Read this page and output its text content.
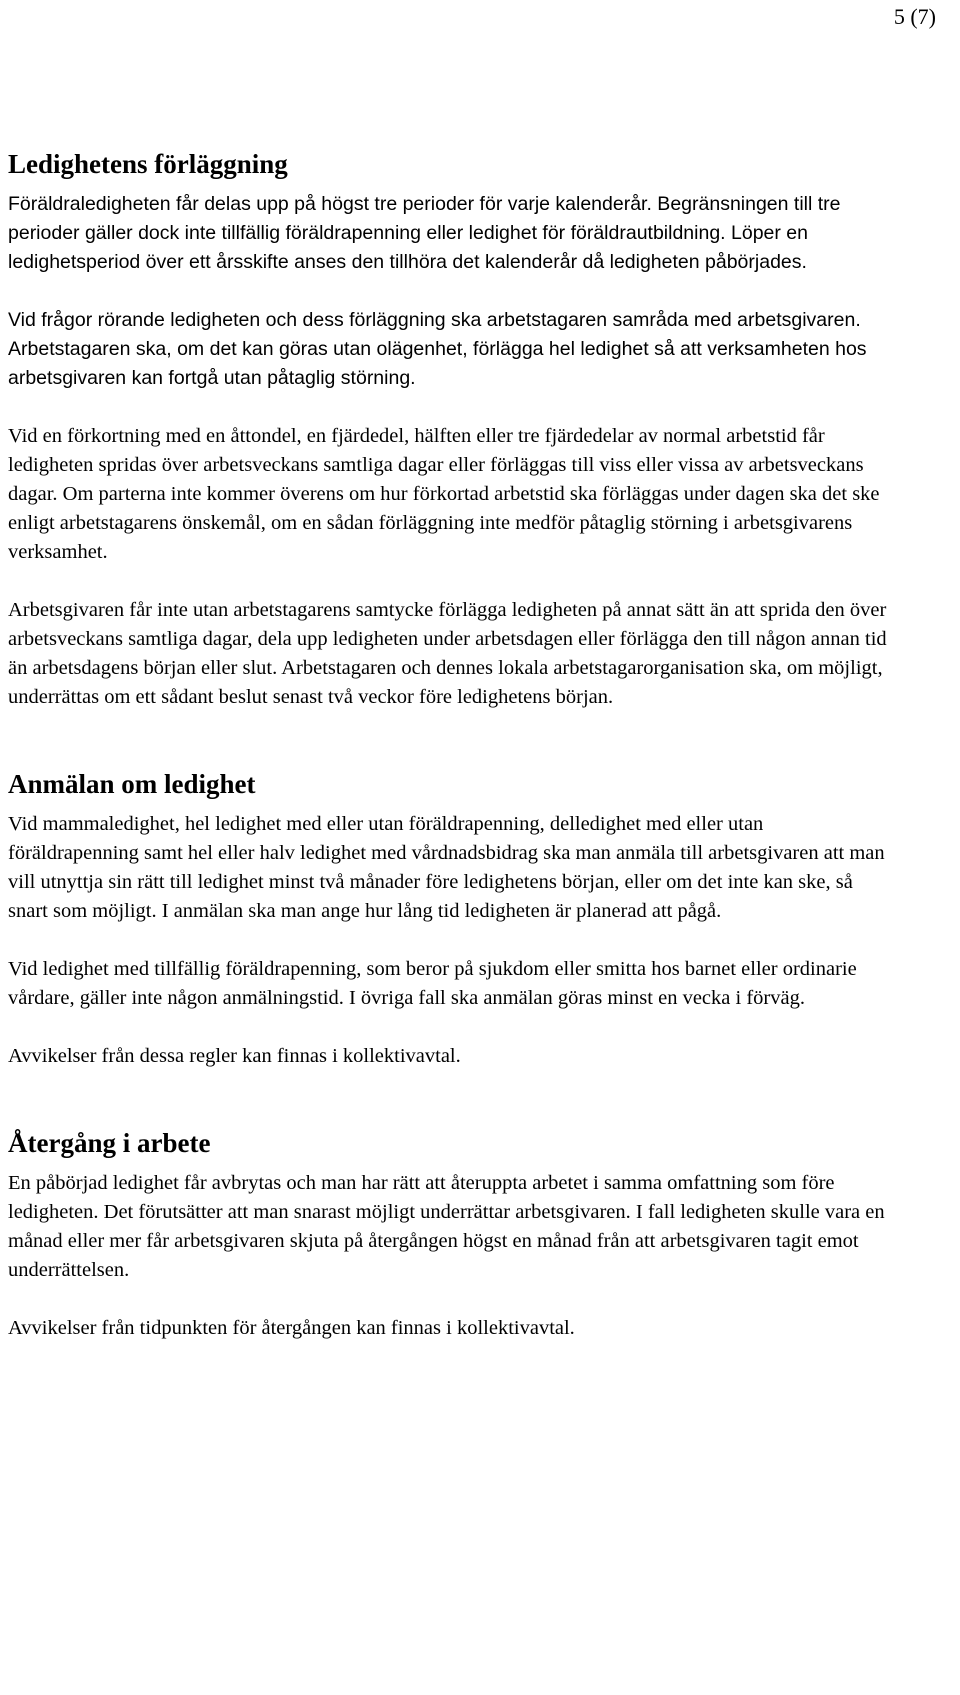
5 (7)
Ledighetens förläggning

Föräldraledigheten får delas upp på högst tre perioder för varje kalenderår. Begränsningen till tre perioder gäller dock inte tillfällig föräldrapenning eller ledighet för föräldrautbildning. Löper en ledighetsperiod över ett årsskifte anses den tillhöra det kalenderår då ledigheten påbörjades.

Vid frågor rörande ledigheten och dess förläggning ska arbetstagaren samråda med arbetsgivaren. Arbetstagaren ska, om det kan göras utan olägenhet, förlägga hel ledighet så att verksamheten hos arbetsgivaren kan fortgå utan påtaglig störning.

Vid en förkortning med en åttondel, en fjärdedel, hälften eller tre fjärdedelar av normal arbetstid får ledigheten spridas över arbetsveckans samtliga dagar eller förläggas till viss eller vissa av arbetsveckans dagar. Om parterna inte kommer överens om hur förkortad arbetstid ska förläggas under dagen ska det ske enligt arbetstagarens önskemål, om en sådan förläggning inte medför påtaglig störning i arbetsgivarens verksamhet.

Arbetsgivaren får inte utan arbetstagarens samtycke förlägga ledigheten på annat sätt än att sprida den över arbetsveckans samtliga dagar, dela upp ledigheten under arbetsdagen eller förlägga den till någon annan tid än arbetsdagens början eller slut. Arbetstagaren och dennes lokala arbetstagarorganisation ska, om möjligt, underrättas om ett sådant beslut senast två veckor före ledighetens början.

Anmälan om ledighet

Vid mammaledighet, hel ledighet med eller utan föräldrapenning, delledighet med eller utan föräldrapenning samt hel eller halv ledighet med vårdnadsbidrag ska man anmäla till arbetsgivaren att man vill utnyttja sin rätt till ledighet minst två månader före ledighetens början, eller om det inte kan ske, så snart som möjligt. I anmälan ska man ange hur lång tid ledigheten är planerad att pågå.

Vid ledighet med tillfällig föräldrapenning, som beror på sjukdom eller smitta hos barnet eller ordinarie vårdare, gäller inte någon anmälningstid. I övriga fall ska anmälan göras minst en vecka i förväg.

Avvikelser från dessa regler kan finnas i kollektivavtal.

Återgång i arbete

En påbörjad ledighet får avbrytas och man har rätt att återuppta arbetet i samma omfattning som före ledigheten. Det förutsätter att man snarast möjligt underrättar arbetsgivaren. I fall ledigheten skulle vara en månad eller mer får arbetsgivaren skjuta på återgången högst en månad från att arbetsgivaren tagit emot underrättelsen.

Avvikelser från tidpunkten för återgången kan finnas i kollektivavtal.
